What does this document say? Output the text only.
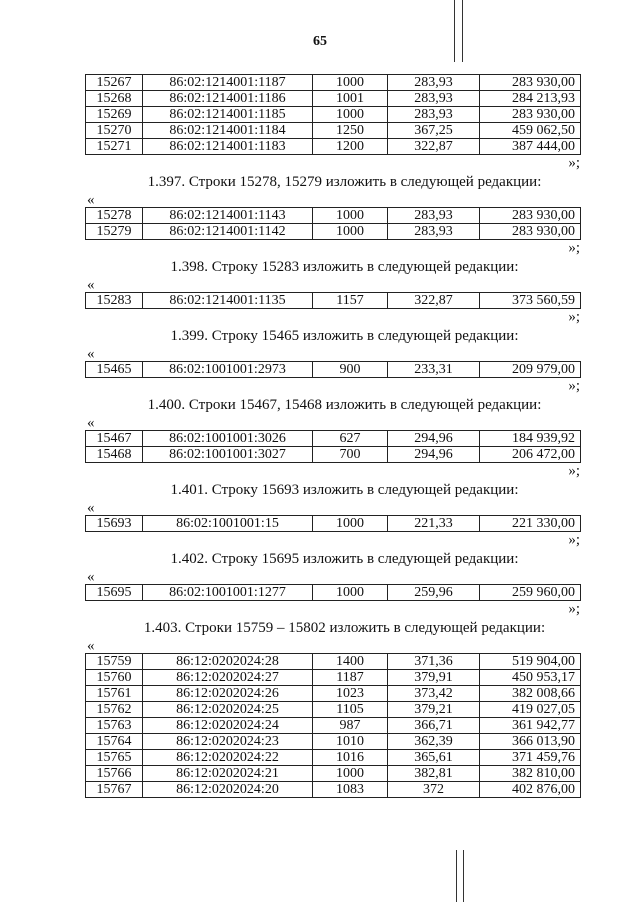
65
15267	86:02:1214001:1187	1000	283,93	283 930,00
15268	86:02:1214001:1186	1001	283,93	284 213,93
15269	86:02:1214001:1185	1000	283,93	283 930,00
15270	86:02:1214001:1184	1250	367,25	459 062,50
15271	86:02:1214001:1183	1200	322,87	387 444,00

»;

1.397. Строки 15278, 15279 изложить в следующей редакции:

«

15278	86:02:1214001:1143	1000	283,93	283 930,00
15279	86:02:1214001:1142	1000	283,93	283 930,00

»;

1.398. Строку 15283 изложить в следующей редакции:

«

15283	86:02:1214001:1135	1157	322,87	373 560,59

»;

1.399. Строку 15465 изложить в следующей редакции:

«

15465	86:02:1001001:2973	900	233,31	209 979,00

»;

1.400. Строки 15467, 15468 изложить в следующей редакции:

«

15467	86:02:1001001:3026	627	294,96	184 939,92
15468	86:02:1001001:3027	700	294,96	206 472,00

»;

1.401. Строку 15693 изложить в следующей редакции:

«

15693	86:02:1001001:15	1000	221,33	221 330,00

»;

1.402. Строку 15695 изложить в следующей редакции:

«

15695	86:02:1001001:1277	1000	259,96	259 960,00

»;

1.403. Строки 15759 – 15802 изложить в следующей редакции:

«

15759	86:12:0202024:28	1400	371,36	519 904,00
15760	86:12:0202024:27	1187	379,91	450 953,17
15761	86:12:0202024:26	1023	373,42	382 008,66
15762	86:12:0202024:25	1105	379,21	419 027,05
15763	86:12:0202024:24	987	366,71	361 942,77
15764	86:12:0202024:23	1010	362,39	366 013,90
15765	86:12:0202024:22	1016	365,61	371 459,76
15766	86:12:0202024:21	1000	382,81	382 810,00
15767	86:12:0202024:20	1083	372	402 876,00
